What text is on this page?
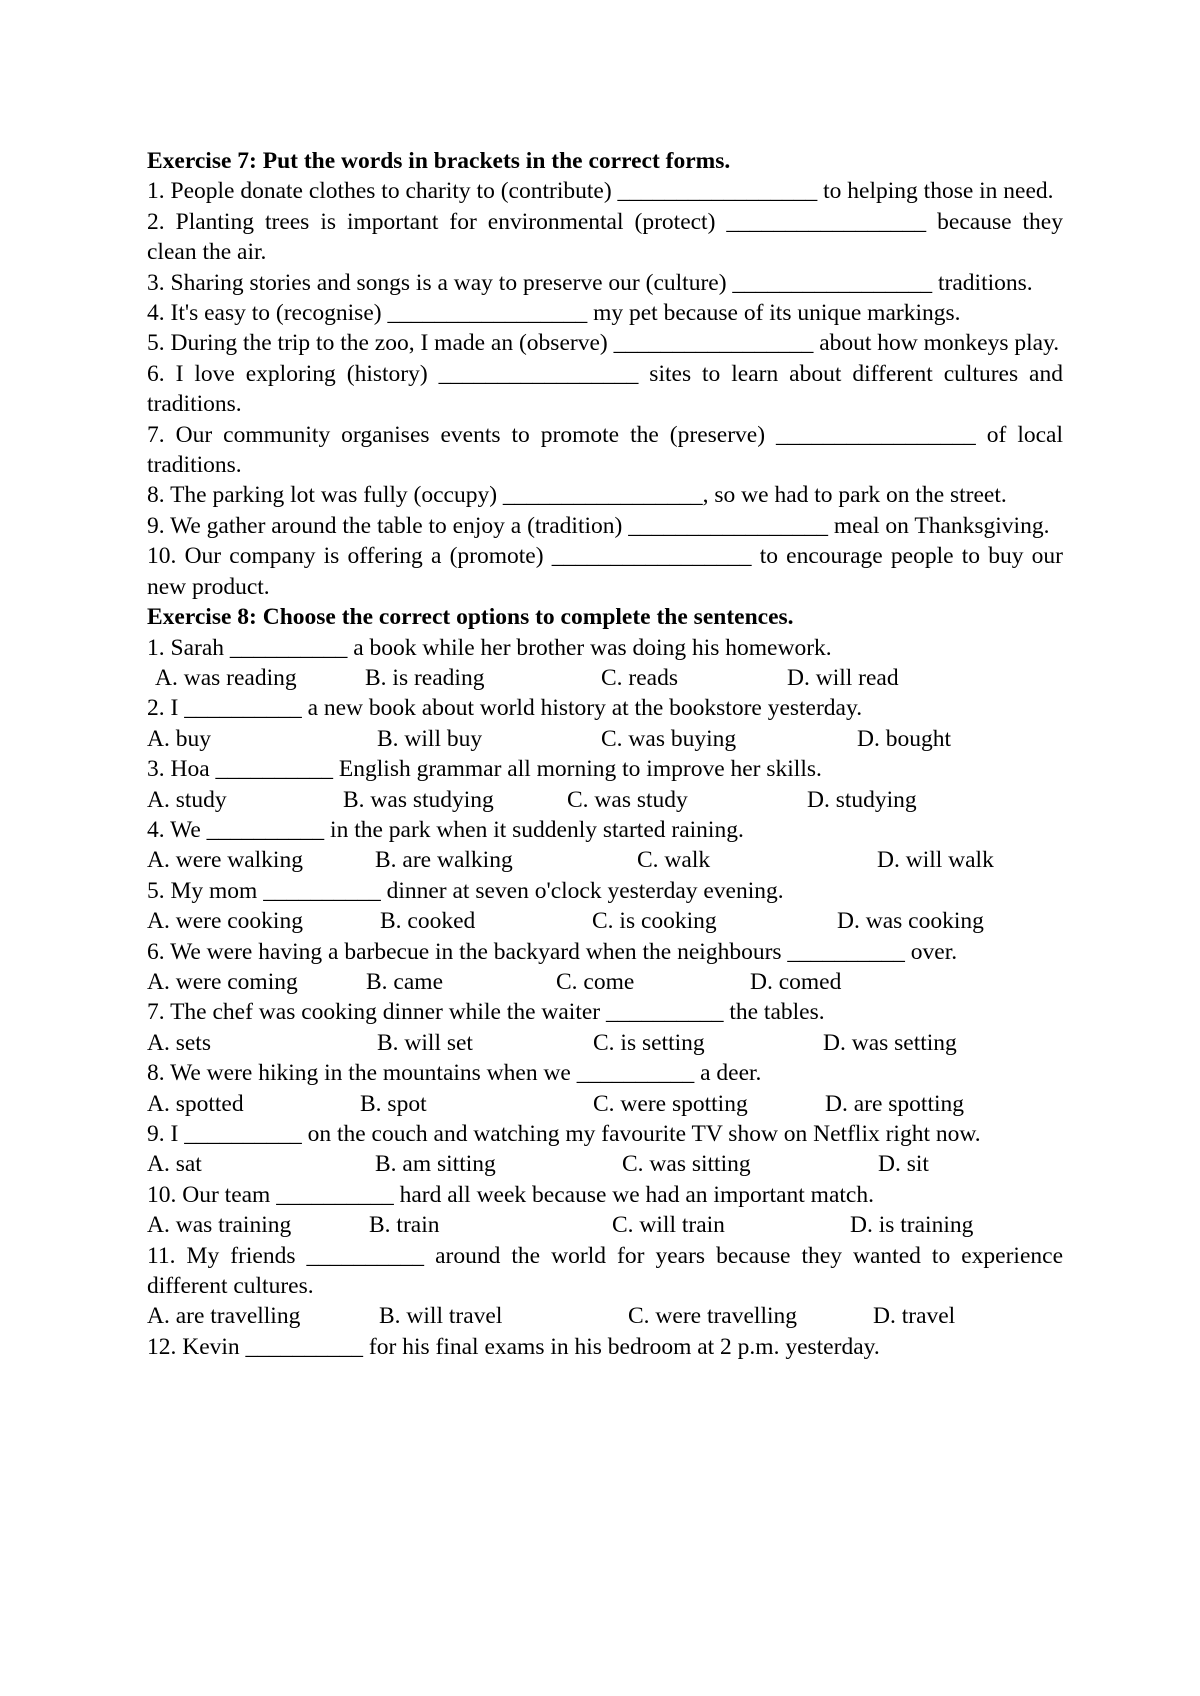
Exercise 7: Put the words in brackets in the correct forms.

1. People donate clothes to charity to (contribute) _________________ to helping those in need.

2. Planting trees is important for environmental (protect) _________________ because they clean the air.

3. Sharing stories and songs is a way to preserve our (culture) _________________ traditions.

4. It's easy to (recognise) _________________ my pet because of its unique markings.

5. During the trip to the zoo, I made an (observe) _________________ about how monkeys play.

6. I love exploring (history) _________________ sites to learn about different cultures and traditions.

7. Our community organises events to promote the (preserve) _________________ of local traditions.

8. The parking lot was fully (occupy) _________________, so we had to park on the street.

9. We gather around the table to enjoy a (tradition) _________________ meal on Thanksgiving.

10. Our company is offering a (promote) _________________ to encourage people to buy our new product.

Exercise 8: Choose the correct options to complete the sentences.

1. Sarah __________ a book while her brother was doing his homework.

A. was reading	B. is reading	C. reads	D. will read

2. I __________ a new book about world history at the bookstore yesterday.

A. buy	B. will buy	C. was buying	D. bought

3. Hoa __________ English grammar all morning to improve her skills.

A. study	B. was studying	C. was study	D. studying

4. We __________ in the park when it suddenly started raining.

A. were walking	B. are walking	C. walk	D. will walk

5. My mom __________ dinner at seven o'clock yesterday evening.

A. were cooking	B. cooked	C. is cooking	D. was cooking

6. We were having a barbecue in the backyard when the neighbours __________ over.

A. were coming	B. came	C. come	D. comed

7. The chef was cooking dinner while the waiter __________ the tables.

A. sets	B. will set	C. is setting	D. was setting

8. We were hiking in the mountains when we __________ a deer.

A. spotted	B. spot	C. were spotting	D. are spotting

9. I __________ on the couch and watching my favourite TV show on Netflix right now.

A. sat	B. am sitting	C. was sitting	D. sit

10. Our team __________ hard all week because we had an important match.

A. was training	B. train	C. will train	D. is training

11. My friends __________ around the world for years because they wanted to experience different cultures.

A. are travelling	B. will travel	C. were travelling	D. travel

12. Kevin __________ for his final exams in his bedroom at 2 p.m. yesterday.
